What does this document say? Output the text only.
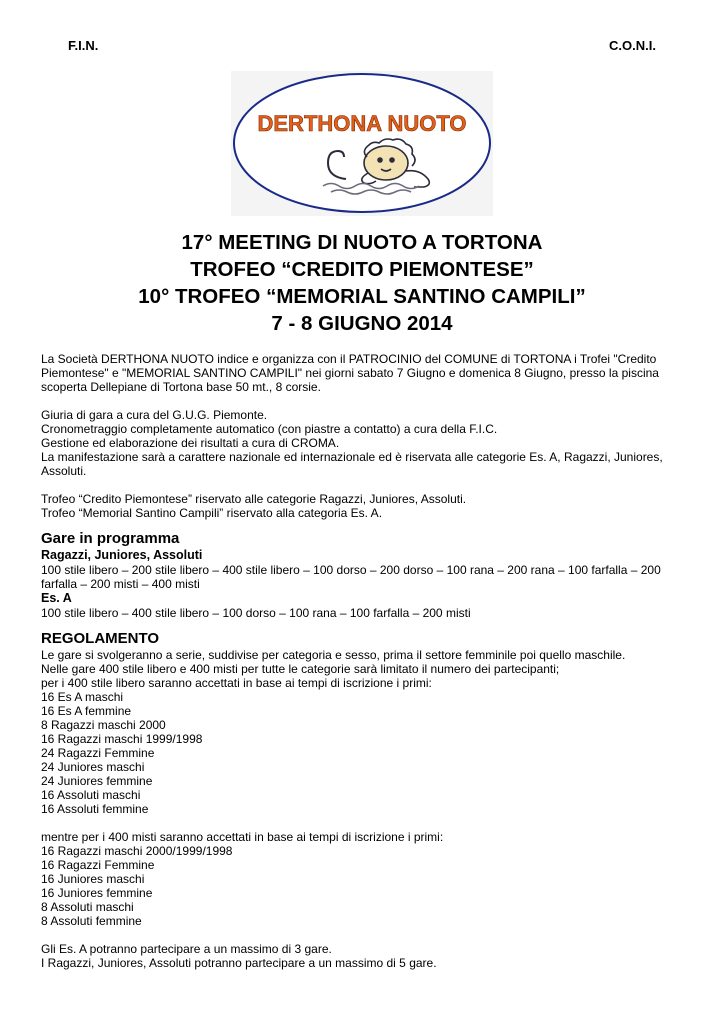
F.I.N.	C.O.N.I.
DERTHONA NUOTO

17° MEETING DI NUOTO A TORTONA

TROFEO “CREDITO PIEMONTESE”

10° TROFEO “MEMORIAL SANTINO CAMPILI”

7 - 8 GIUGNO 2014

La Società DERTHONA NUOTO indice e organizza con il PATROCINIO del COMUNE di TORTONA i Trofei "Credito

Piemontese" e "MEMORIAL SANTINO CAMPILI" nei giorni sabato 7 Giugno e domenica 8 Giugno, presso la piscina

scoperta Dellepiane di Tortona base 50 mt., 8 corsie.

Giuria di gara a cura del G.U.G. Piemonte.

Cronometraggio completamente automatico (con piastre a contatto) a cura della F.I.C.

Gestione ed elaborazione dei risultati a cura di CROMA.

La manifestazione sarà a carattere nazionale ed internazionale ed è riservata alle categorie Es. A, Ragazzi, Juniores,

Assoluti.

Trofeo “Credito Piemontese” riservato alle categorie Ragazzi, Juniores, Assoluti.

Trofeo “Memorial Santino Campili” riservato alla categoria Es. A.

Gare in programma

Ragazzi, Juniores, Assoluti

100 stile libero – 200 stile libero – 400 stile libero – 100 dorso – 200 dorso – 100 rana – 200 rana – 100 farfalla – 200

farfalla – 200 misti – 400 misti

Es. A

100 stile libero – 400 stile libero – 100 dorso – 100 rana – 100 farfalla – 200 misti

REGOLAMENTO

Le gare si svolgeranno a serie, suddivise per categoria e sesso, prima il settore femminile poi quello maschile.

Nelle gare 400 stile libero e 400 misti per tutte le categorie sarà limitato il numero dei partecipanti;

per i 400 stile libero saranno accettati in base ai tempi di iscrizione i primi:

16 Es A maschi

16 Es A femmine

8 Ragazzi maschi 2000

16 Ragazzi maschi 1999/1998

24 Ragazzi Femmine

24 Juniores maschi

24 Juniores femmine

16 Assoluti maschi

16 Assoluti femmine

mentre per i 400 misti saranno accettati in base ai tempi di iscrizione i primi:

16 Ragazzi maschi 2000/1999/1998

16 Ragazzi Femmine

16 Juniores maschi

16 Juniores femmine

8 Assoluti maschi

8 Assoluti femmine

Gli Es. A potranno partecipare a un massimo di 3 gare.

I Ragazzi, Juniores, Assoluti potranno partecipare a un massimo di 5 gare.
